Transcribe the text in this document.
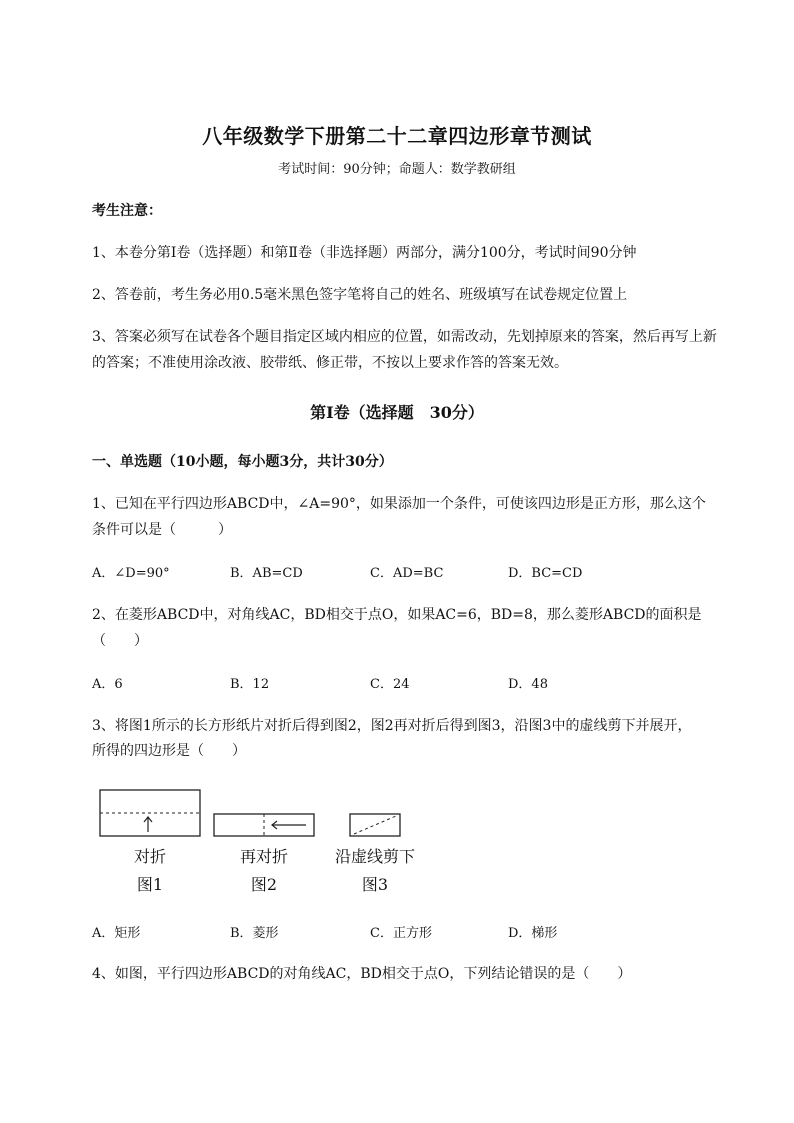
八年级数学下册第二十二章四边形章节测试
考试时间：90分钟；命题人：数学教研组
考生注意：
1、本卷分第Ⅰ卷（选择题）和第Ⅱ卷（非选择题）两部分，满分100分，考试时间90分钟
2、答卷前，考生务必用0.5毫米黑色签字笔将自己的姓名、班级填写在试卷规定位置上
3、答案必须写在试卷各个题目指定区域内相应的位置，如需改动，先划掉原来的答案，然后再写上新
的答案；不准使用涂改液、胶带纸、修正带，不按以上要求作答的答案无效。
第Ⅰ卷（选择题　30分）
一、单选题（10小题，每小题3分，共计30分）
1、已知在平行四边形ABCD中，∠A=90°，如果添加一个条件，可使该四边形是正方形，那么这个
条件可以是（　　　）
A．∠D=90°	B．AB=CD	C．AD=BC	D．BC=CD
2、在菱形ABCD中，对角线AC，BD相交于点O，如果AC=6，BD=8，那么菱形ABCD的面积是
（　　）
A．6	B．12	C．24	D．48
3、将图1所示的长方形纸片对折后得到图2，图2再对折后得到图3，沿图3中的虚线剪下并展开，
所得的四边形是（　　）
对折	再对折	沿虚线剪下
图1	图2	图3
A．矩形	B．菱形	C．正方形	D．梯形
4、如图，平行四边形ABCD的对角线AC，BD相交于点O，下列结论错误的是（　　）
